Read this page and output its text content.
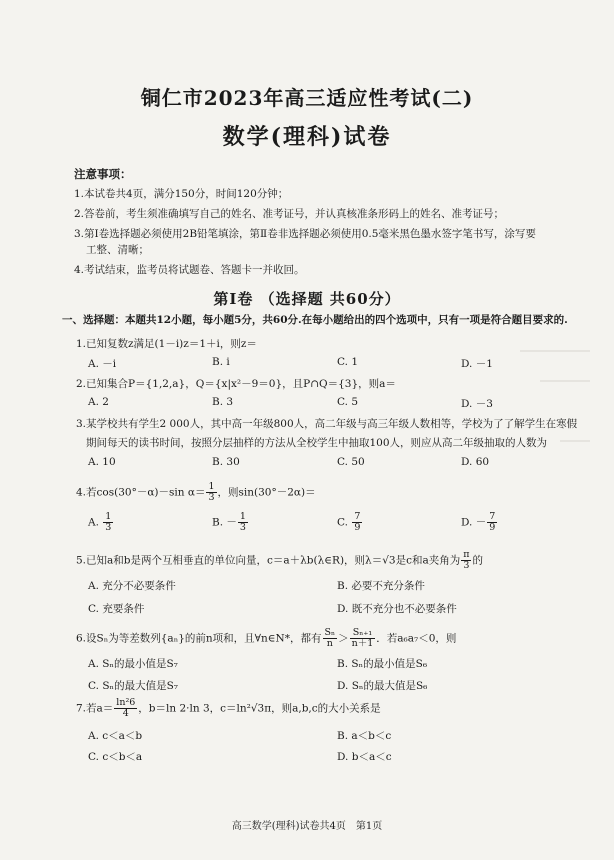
铜仁市2023年高三适应性考试(二)
数学(理科)试卷
注意事项：
1.本试卷共4页，满分150分，时间120分钟；
2.答卷前，考生须准确填写自己的姓名、准考证号，并认真核准条形码上的姓名、准考证号；
3.第Ⅰ卷选择题必须使用2B铅笔填涂，第Ⅱ卷非选择题必须使用0.5毫米黑色墨水签字笔书写，涂写要
工整、清晰；
4.考试结束，监考员将试题卷、答题卡一并收回。
第Ⅰ卷 （选择题 共60分）
一、选择题：本题共12小题，每小题5分，共60分.在每小题给出的四个选项中，只有一项是符合题目要求的.
1.已知复数z满足(1－i)z＝1＋i，则z＝
A. －i	B. i	C. 1	D. －1
2.已知集合P＝{1,2,a}，Q＝{x|x²－9＝0}，且P∩Q＝{3}，则a＝
A. 2	B. 3	C. 5	D. －3
3.某学校共有学生2 000人，其中高一年级800人，高二年级与高三年级人数相等，学校为了了解学生在寒假
期间每天的读书时间，按照分层抽样的方法从全校学生中抽取100人，则应从高二年级抽取的人数为
A. 10	B. 30	C. 50	D. 60
4.若cos(30°－α)－sin $\alpha= \frac{1}{3}$ ，则sin(30°－2α)＝
A. $\frac{1}{3}$	B. － $\frac{1}{3}$	C. $\frac{7}{9}$	D. － $\frac{7}{9}$
5.已知a和b是两个互相垂直的单位向量，c＝a＋λb(λ∈R)，则λ＝√3是c和a夹角为 $\frac{\pi}{3}$ 的
A. 充分不必要条件	B. 必要不充分条件
C. 充要条件	D. 既不充分也不必要条件
6.设Sₙ为等差数列{aₙ}的前n项和，且∀n∈N*，都有 $\frac{\text{Sₙ}}{n} > \frac{\text{Sₙ₊₁}}{n+1}$ ．若a₆a₇＜0，则
A. Sₙ的最小值是S₇	B. Sₙ的最小值是S₆
C. Sₙ的最大值是S₇	D. Sₙ的最大值是S₆
7.若$a= \frac{\text{ln²6}}{4}$ ，b＝ln 2·ln 3，c＝ln²√3π，则a,b,c的大小关系是
A. c＜a＜b	B. a＜b＜c
C. c＜b＜a	D. b＜a＜c
高三数学(理科)试卷共4页　第1页
